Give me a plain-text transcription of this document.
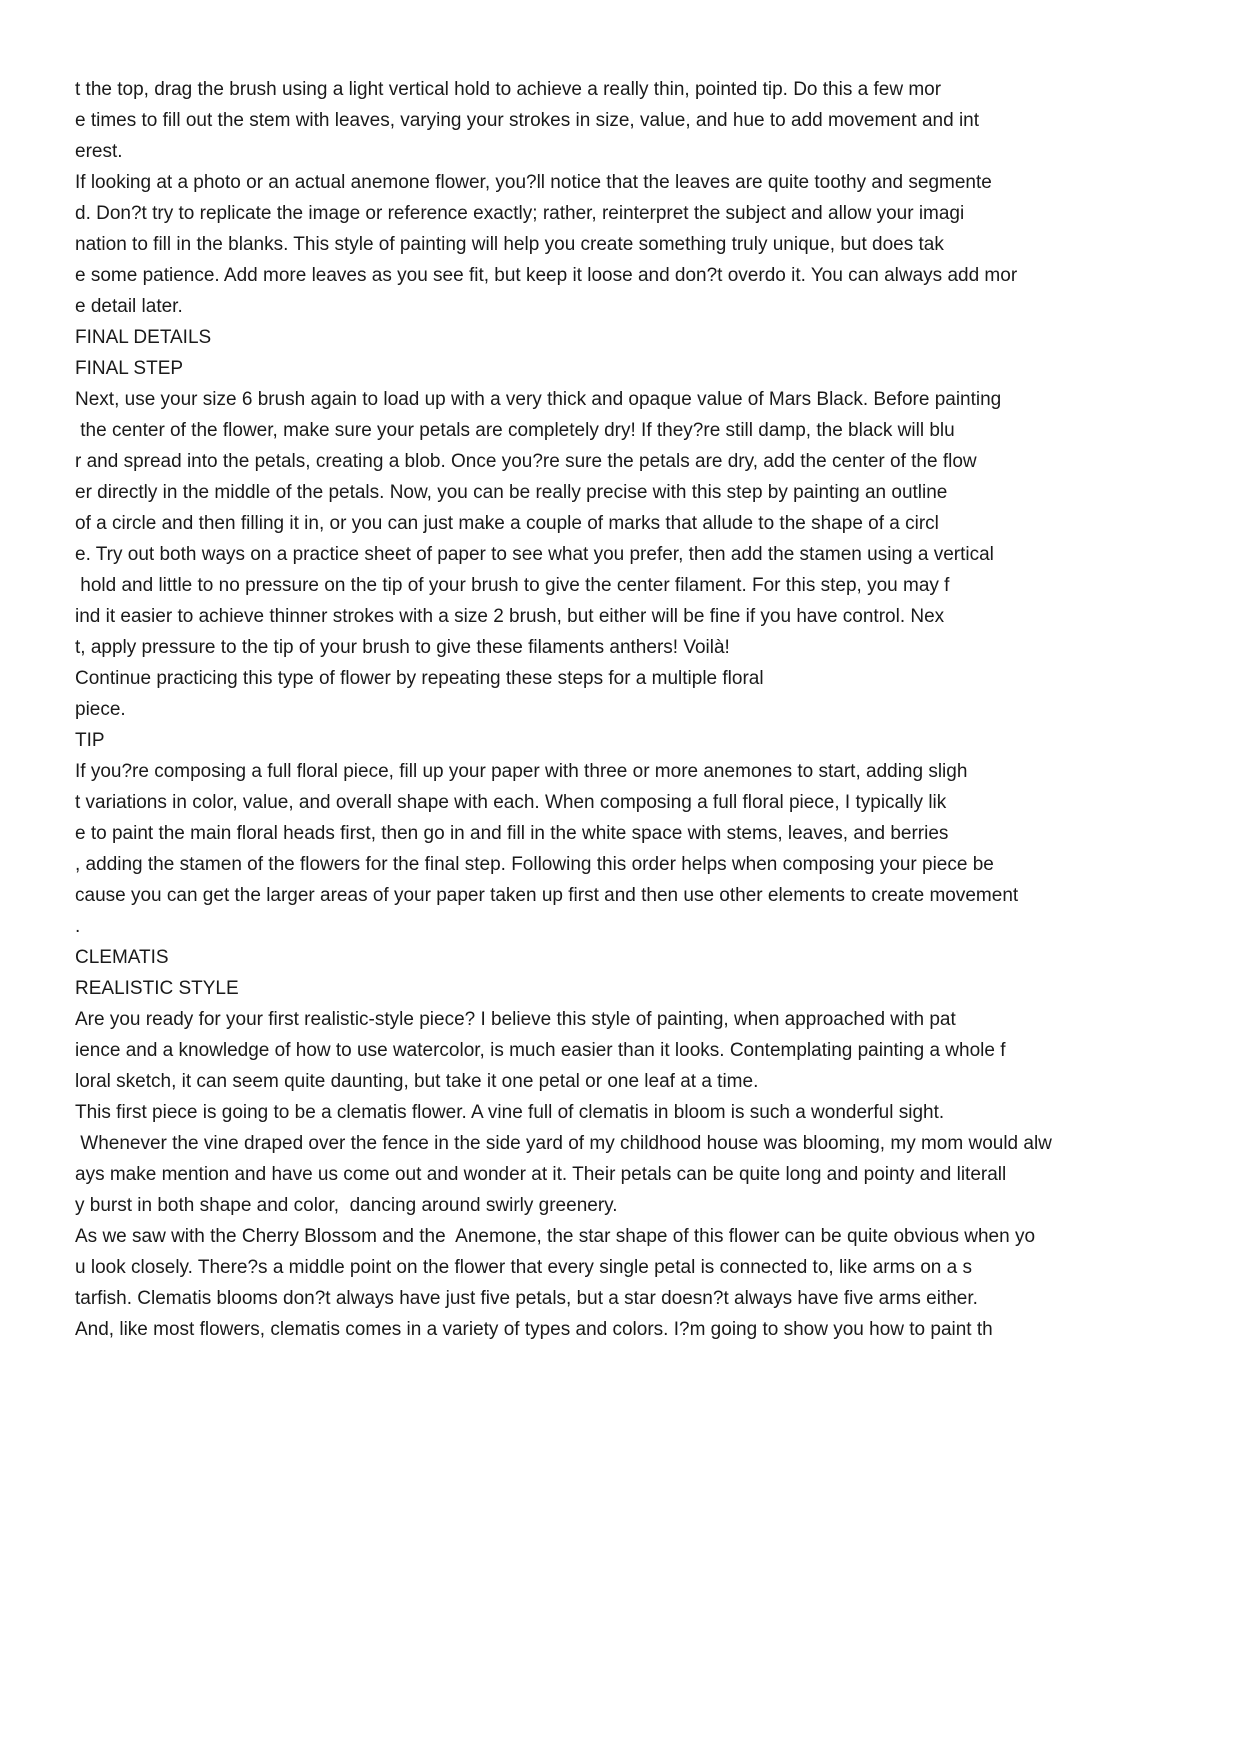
t the top, drag the brush using a light vertical hold to achieve a really thin, pointed tip. Do this a few mor
e times to fill out the stem with leaves, varying your strokes in size, value, and hue to add movement and int
erest.
If looking at a photo or an actual anemone flower, you?ll notice that the leaves are quite toothy and segmente
d. Don?t try to replicate the image or reference exactly; rather, reinterpret the subject and allow your imagi
nation to fill in the blanks. This style of painting will help you create something truly unique, but does tak
e some patience. Add more leaves as you see fit, but keep it loose and don?t overdo it. You can always add mor
e detail later.
FINAL DETAILS
FINAL STEP
Next, use your size 6 brush again to load up with a very thick and opaque value of Mars Black. Before painting
the center of the flower, make sure your petals are completely dry! If they?re still damp, the black will blu
r and spread into the petals, creating a blob. Once you?re sure the petals are dry, add the center of the flow
er directly in the middle of the petals. Now, you can be really precise with this step by painting an outline
of a circle and then filling it in, or you can just make a couple of marks that allude to the shape of a circl
e. Try out both ways on a practice sheet of paper to see what you prefer, then add the stamen using a vertical
hold and little to no pressure on the tip of your brush to give the center filament. For this step, you may f
ind it easier to achieve thinner strokes with a size 2 brush, but either will be fine if you have control. Nex
t, apply pressure to the tip of your brush to give these filaments anthers! Voilà!
Continue practicing this type of flower by repeating these steps for a multiple floral
piece.
TIP
If you?re composing a full floral piece, fill up your paper with three or more anemones to start, adding sligh
t variations in color, value, and overall shape with each. When composing a full floral piece, I typically lik
e to paint the main floral heads first, then go in and fill in the white space with stems, leaves, and berries
, adding the stamen of the flowers for the final step. Following this order helps when composing your piece be
cause you can get the larger areas of your paper taken up first and then use other elements to create movement
.
CLEMATIS
REALISTIC STYLE
Are you ready for your first realistic-style piece? I believe this style of painting, when approached with pat
ience and a knowledge of how to use watercolor, is much easier than it looks. Contemplating painting a whole f
loral sketch, it can seem quite daunting, but take it one petal or one leaf at a time.
This first piece is going to be a clematis flower. A vine full of clematis in bloom is such a wonderful sight.
Whenever the vine draped over the fence in the side yard of my childhood house was blooming, my mom would alw
ays make mention and have us come out and wonder at it. Their petals can be quite long and pointy and literall
y burst in both shape and color,  dancing around swirly greenery.
As we saw with the Cherry Blossom and the  Anemone, the star shape of this flower can be quite obvious when yo
u look closely. There?s a middle point on the flower that every single petal is connected to, like arms on a s
tarfish. Clematis blooms don?t always have just five petals, but a star doesn?t always have five arms either.
And, like most flowers, clematis comes in a variety of types and colors. I?m going to show you how to paint th
